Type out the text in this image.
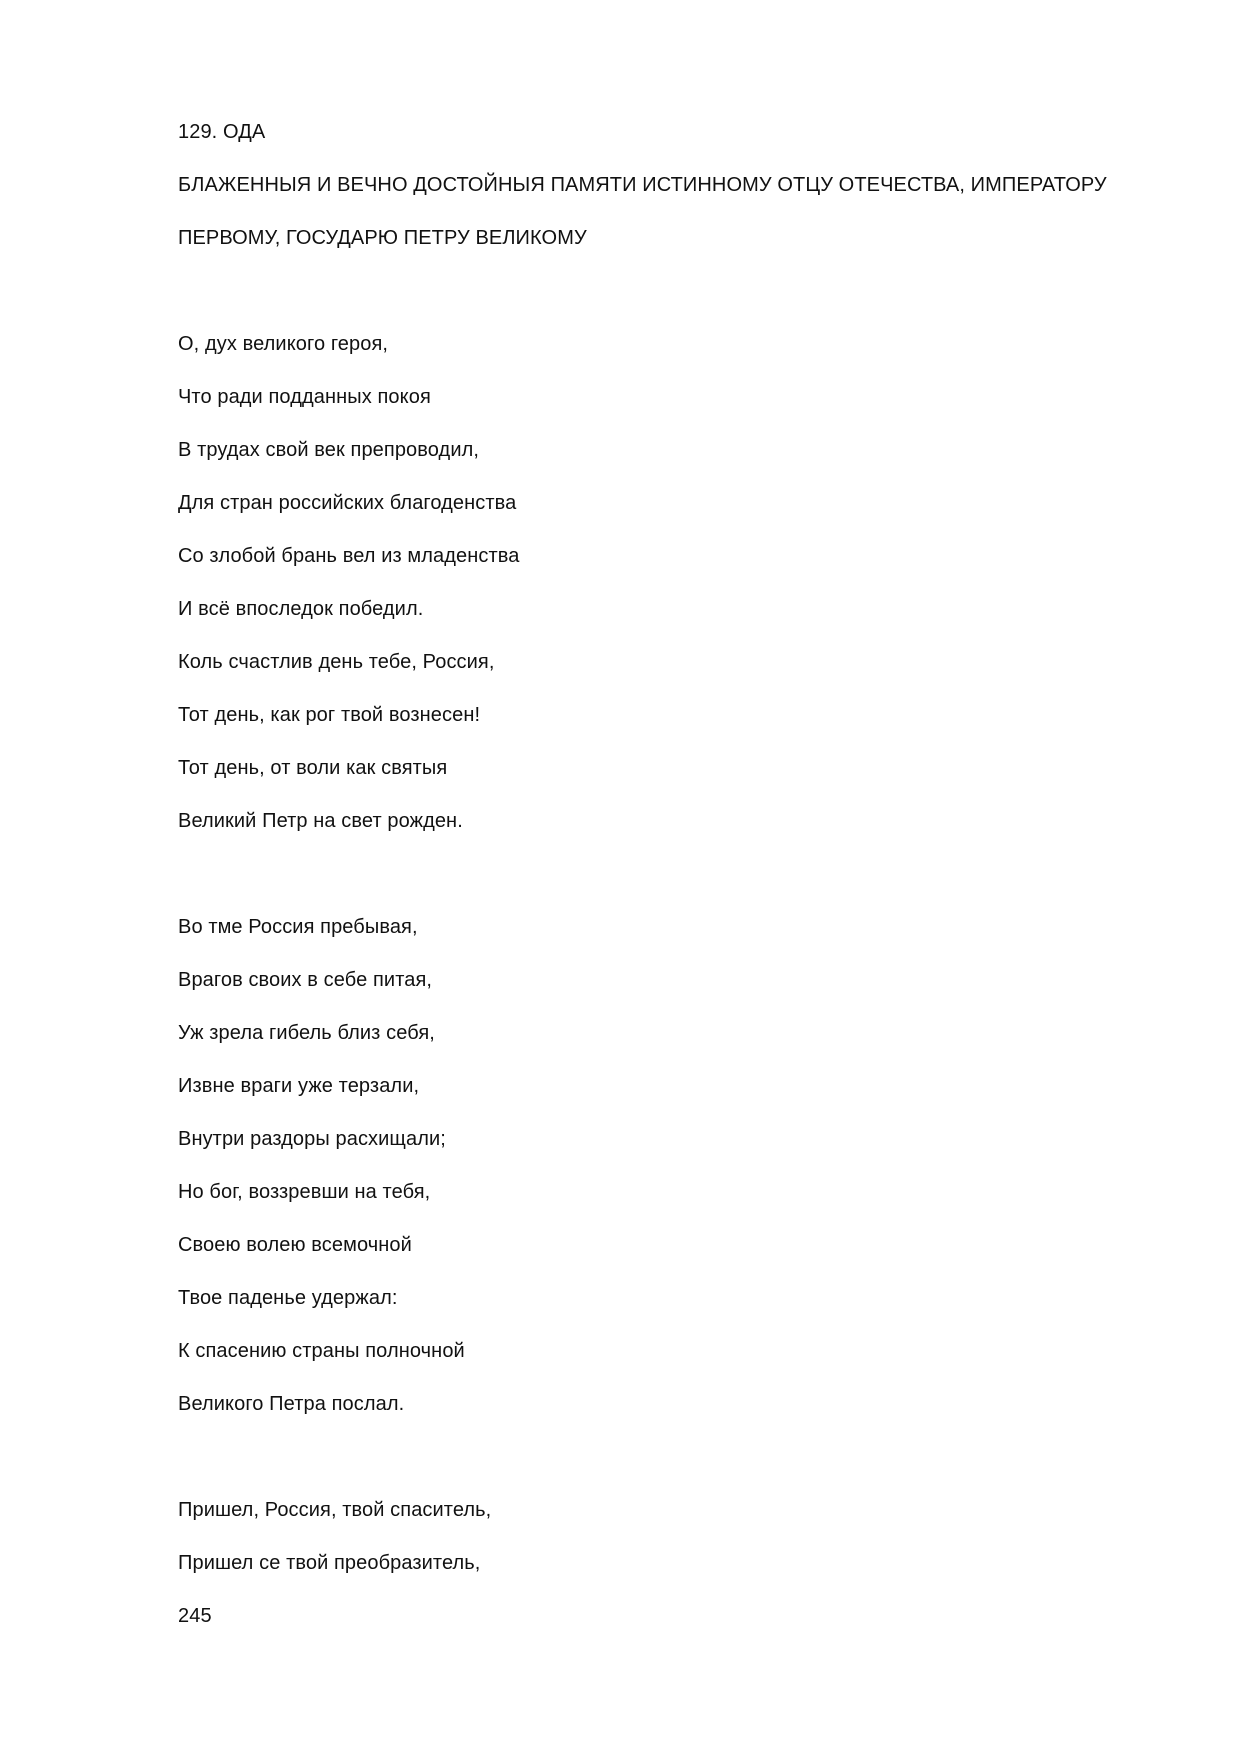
129. ОДА
БЛАЖЕННЫЯ И ВЕЧНО ДОСТОЙНЫЯ ПАМЯТИ ИСТИННОМУ ОТЦУ ОТЕЧЕСТВА, ИМПЕРАТОРУ
ПЕРВОМУ, ГОСУДАРЮ ПЕТРУ ВЕЛИКОМУ
О, дух великого героя,
Что ради подданных покоя
В трудах свой век препроводил,
Для стран российских благоденства
Со злобой брань вел из младенства
И всё впоследок победил.
Коль счастлив день тебе, Россия,
Тот день, как рог твой вознесен!
Тот день, от воли как святыя
Великий Петр на свет рожден.
Во тме Россия пребывая,
Врагов своих в себе питая,
Уж зрела гибель близ себя,
Извне враги уже терзали,
Внутри раздоры расхищали;
Но бог, воззревши на тебя,
Своею волею всемочной
Твое паденье удержал:
К спасению страны полночной
Великого Петра послал.
Пришел, Россия, твой спаситель,
Пришел се твой преобразитель,
245
